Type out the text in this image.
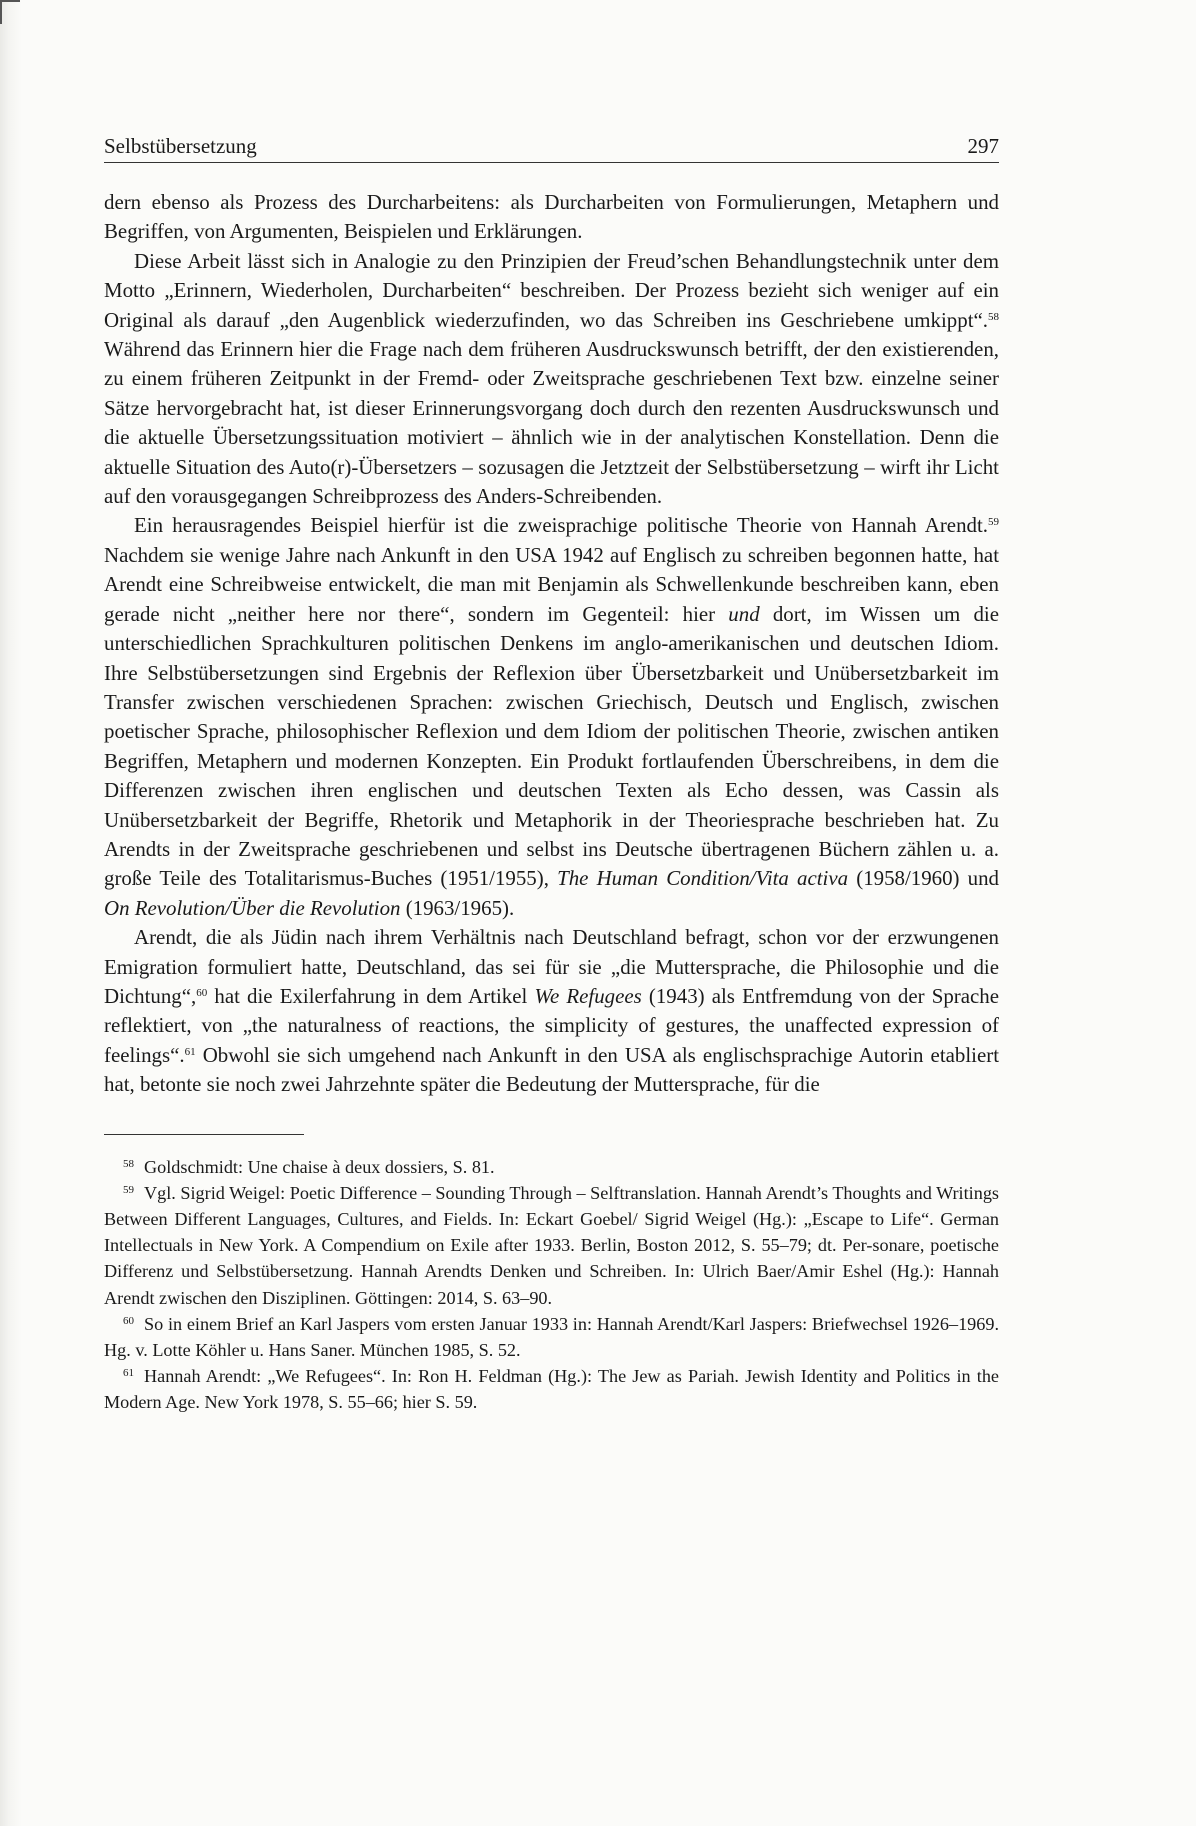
Selbstübersetzung	297

dern ebenso als Prozess des Durcharbeitens: als Durcharbeiten von Formulierungen, Metaphern und Begriffen, von Argumenten, Beispielen und Erklärungen.

Diese Arbeit lässt sich in Analogie zu den Prinzipien der Freud’schen Behandlungstechnik unter dem Motto „Erinnern, Wiederholen, Durcharbeiten“ beschreiben. Der Prozess bezieht sich weniger auf ein Original als darauf „den Augenblick wiederzufinden, wo das Schreiben ins Geschriebene umkippt“.$^{58}$ Während das Erinnern hier die Frage nach dem früheren Ausdruckswunsch betrifft, der den existierenden, zu einem früheren Zeitpunkt in der Fremd- oder Zweitsprache geschriebenen Text bzw. einzelne seiner Sätze hervorgebracht hat, ist dieser Erinnerungsvorgang doch durch den rezenten Ausdruckswunsch und die aktuelle Übersetzungssituation motiviert – ähnlich wie in der analytischen Konstellation. Denn die aktuelle Situation des Auto(r)-Übersetzers – sozusagen die Jetztzeit der Selbstübersetzung – wirft ihr Licht auf den vorausgegangen Schreibprozess des Anders-Schreibenden.

Ein herausragendes Beispiel hierfür ist die zweisprachige politische Theorie von Hannah Arendt.$^{59}$ Nachdem sie wenige Jahre nach Ankunft in den USA 1942 auf Englisch zu schreiben begonnen hatte, hat Arendt eine Schreibweise entwickelt, die man mit Benjamin als Schwellenkunde beschreiben kann, eben gerade nicht „neither here nor there“, sondern im Gegenteil: hier und dort, im Wissen um die unterschiedlichen Sprachkulturen politischen Denkens im anglo-amerikanischen und deutschen Idiom. Ihre Selbstübersetzungen sind Ergebnis der Reflexion über Übersetzbarkeit und Unübersetzbarkeit im Transfer zwischen verschiedenen Sprachen: zwischen Griechisch, Deutsch und Englisch, zwischen poetischer Sprache, philosophischer Reflexion und dem Idiom der politischen Theorie, zwischen antiken Begriffen, Metaphern und modernen Konzepten. Ein Produkt fortlaufenden Überschreibens, in dem die Differenzen zwischen ihren englischen und deutschen Texten als Echo dessen, was Cassin als Unübersetzbarkeit der Begriffe, Rhetorik und Metaphorik in der Theoriesprache beschrieben hat. Zu Arendts in der Zweitsprache geschriebenen und selbst ins Deutsche übertragenen Büchern zählen u. a. große Teile des Totalitarismus-Buches (1951/1955), The Human Condition/Vita activa (1958/1960) und On Revolution/Über die Revolution (1963/1965).

Arendt, die als Jüdin nach ihrem Verhältnis nach Deutschland befragt, schon vor der erzwungenen Emigration formuliert hatte, Deutschland, das sei für sie „die Muttersprache, die Philosophie und die Dichtung“,$^{60}$ hat die Exilerfahrung in dem Artikel We Refugees (1943) als Entfremdung von der Sprache reflektiert, von „the naturalness of reactions, the simplicity of gestures, the unaffected expression of feelings“.$^{61}$ Obwohl sie sich umgehend nach Ankunft in den USA als englischsprachige Autorin etabliert hat, betonte sie noch zwei Jahrzehnte später die Bedeutung der Muttersprache, für die

$^{58}$ Goldschmidt: Une chaise à deux dossiers, S. 81.

$^{59}$ Vgl. Sigrid Weigel: Poetic Difference – Sounding Through – Selftranslation. Hannah Arendt’s Thoughts and Writings Between Different Languages, Cultures, and Fields. In: Eckart Goebel/ Sigrid Weigel (Hg.): „Escape to Life“. German Intellectuals in New York. A Compendium on Exile after 1933. Berlin, Boston 2012, S. 55–79; dt. Per-sonare, poetische Differenz und Selbstübersetzung. Hannah Arendts Denken und Schreiben. In: Ulrich Baer/Amir Eshel (Hg.): Hannah Arendt zwischen den Disziplinen. Göttingen: 2014, S. 63–90.

$^{60}$ So in einem Brief an Karl Jaspers vom ersten Januar 1933 in: Hannah Arendt/Karl Jaspers: Briefwechsel 1926–1969. Hg. v. Lotte Köhler u. Hans Saner. München 1985, S. 52.

$^{61}$ Hannah Arendt: „We Refugees“. In: Ron H. Feldman (Hg.): The Jew as Pariah. Jewish Identity and Politics in the Modern Age. New York 1978, S. 55–66; hier S. 59.
